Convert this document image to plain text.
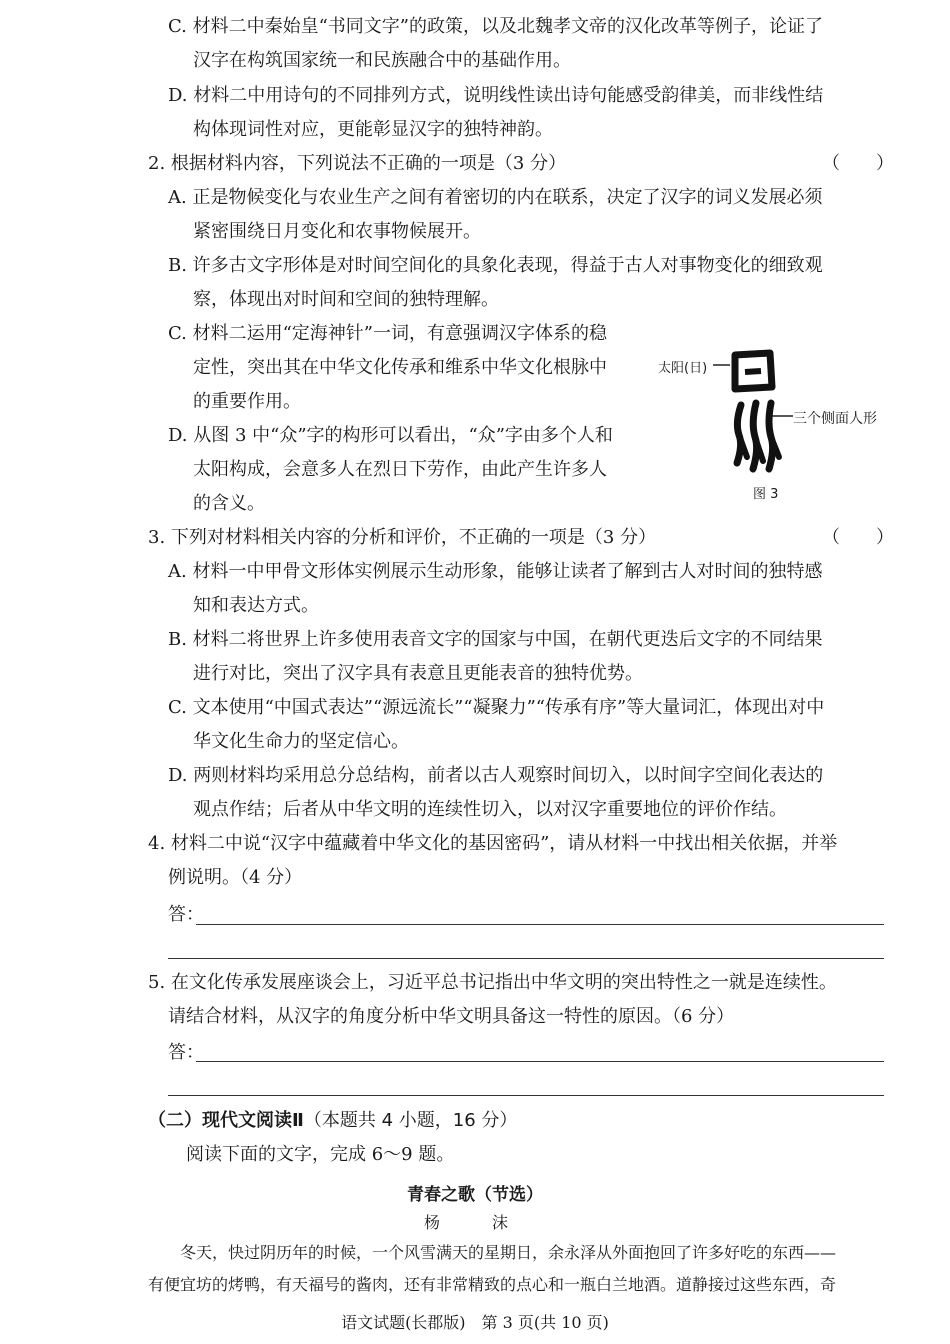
C. 材料二中秦始皇“书同文字”的政策，以及北魏孝文帝的汉化改革等例子，论证了
汉字在构筑国家统一和民族融合中的基础作用。
D. 材料二中用诗句的不同排列方式，说明线性读出诗句能感受韵律美，而非线性结
构体现词性对应，更能彰显汉字的独特神韵。
2. 根据材料内容，下列说法不正确的一项是（3 分）	（　　）
A. 正是物候变化与农业生产之间有着密切的内在联系，决定了汉字的词义发展必须
紧密围绕日月变化和农事物候展开。
B. 许多古文字形体是对时间空间化的具象化表现，得益于古人对事物变化的细致观
察，体现出对时间和空间的独特理解。
C. 材料二运用“定海神针”一词，有意强调汉字体系的稳
定性，突出其在中华文化传承和维系中华文化根脉中
的重要作用。
D. 从图 3 中“众”字的构形可以看出，“众”字由多个人和
太阳构成，会意多人在烈日下劳作，由此产生许多人
的含义。
太阳(日)
三个侧面人形
图 3
3. 下列对材料相关内容的分析和评价，不正确的一项是（3 分）	（　　）
A. 材料一中甲骨文形体实例展示生动形象，能够让读者了解到古人对时间的独特感
知和表达方式。
B. 材料二将世界上许多使用表音文字的国家与中国，在朝代更迭后文字的不同结果
进行对比，突出了汉字具有表意且更能表音的独特优势。
C. 文本使用“中国式表达”“源远流长”“凝聚力”“传承有序”等大量词汇，体现出对中
华文化生命力的坚定信心。
D. 两则材料均采用总分总结构，前者以古人观察时间切入，以时间字空间化表达的
观点作结；后者从中华文明的连续性切入，以对汉字重要地位的评价作结。
4. 材料二中说“汉字中蕴藏着中华文化的基因密码”，请从材料一中找出相关依据，并举
例说明。（4 分）
答：
5. 在文化传承发展座谈会上，习近平总书记指出中华文明的突出特性之一就是连续性。
请结合材料，从汉字的角度分析中华文明具备这一特性的原因。（6 分）
答：
（二）现代文阅读Ⅱ（本题共 4 小题，16 分）
阅读下面的文字，完成 6～9 题。
青春之歌（节选）
杨　沫
冬天，快过阴历年的时候，一个风雪满天的星期日，余永泽从外面抱回了许多好吃的东西——
有便宜坊的烤鸭，有天福号的酱肉，还有非常精致的点心和一瓶白兰地酒。道静接过这些东西，奇
语文试题(长郡版)　第 3 页(共 10 页)
